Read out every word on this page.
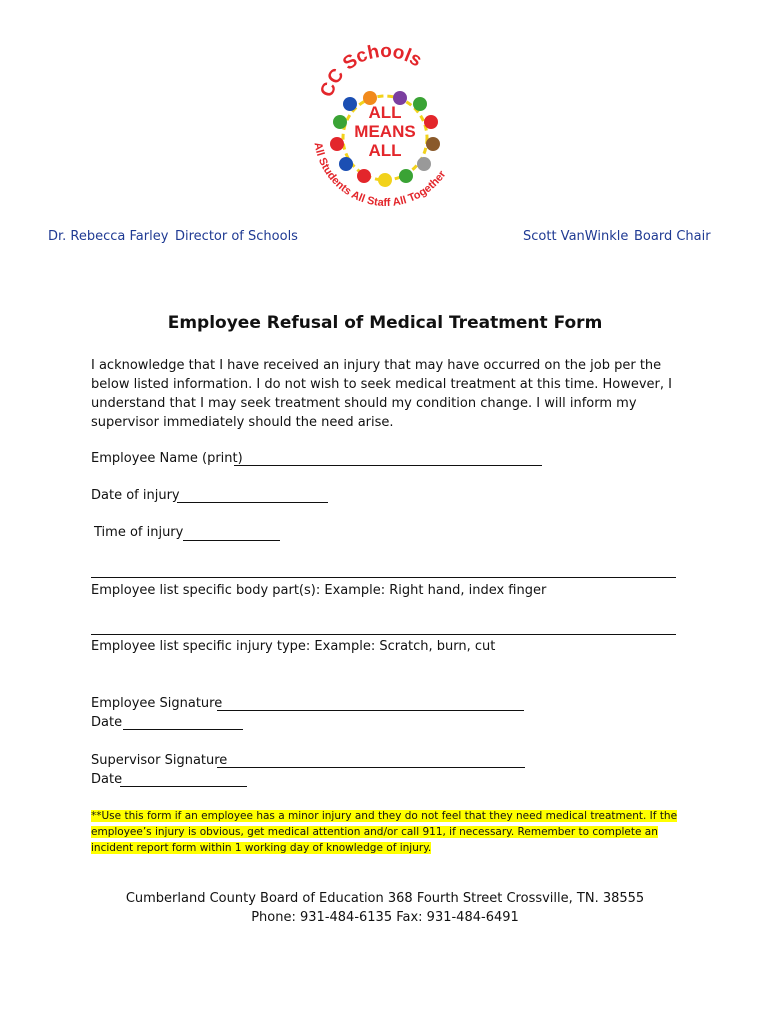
CC Schools
ALL
MEANS
ALL
All Students All Staff All Together
Dr. Rebecca Farley Director of Schools	Scott VanWinkle Board Chair
Employee Refusal of Medical Treatment Form
I acknowledge that I have received an injury that may have occurred on the job per the below listed information. I do not wish to seek medical treatment at this time. However, I understand that I may seek treatment should my condition change. I will inform my supervisor immediately should the need arise.
Employee Name (print)
Date of injury
Time of injury
Employee list specific body part(s): Example: Right hand, index finger
Employee list specific injury type: Example: Scratch, burn, cut
Employee Signature
Date
Supervisor Signature
Date
**Use this form if an employee has a minor injury and they do not feel that they need medical treatment. If the employee’s injury is obvious, get medical attention and/or call 911, if necessary. Remember to complete an incident report form within 1 working day of knowledge of injury.
Cumberland County Board of Education 368 Fourth Street Crossville, TN. 38555
Phone: 931-484-6135 Fax: 931-484-6491
